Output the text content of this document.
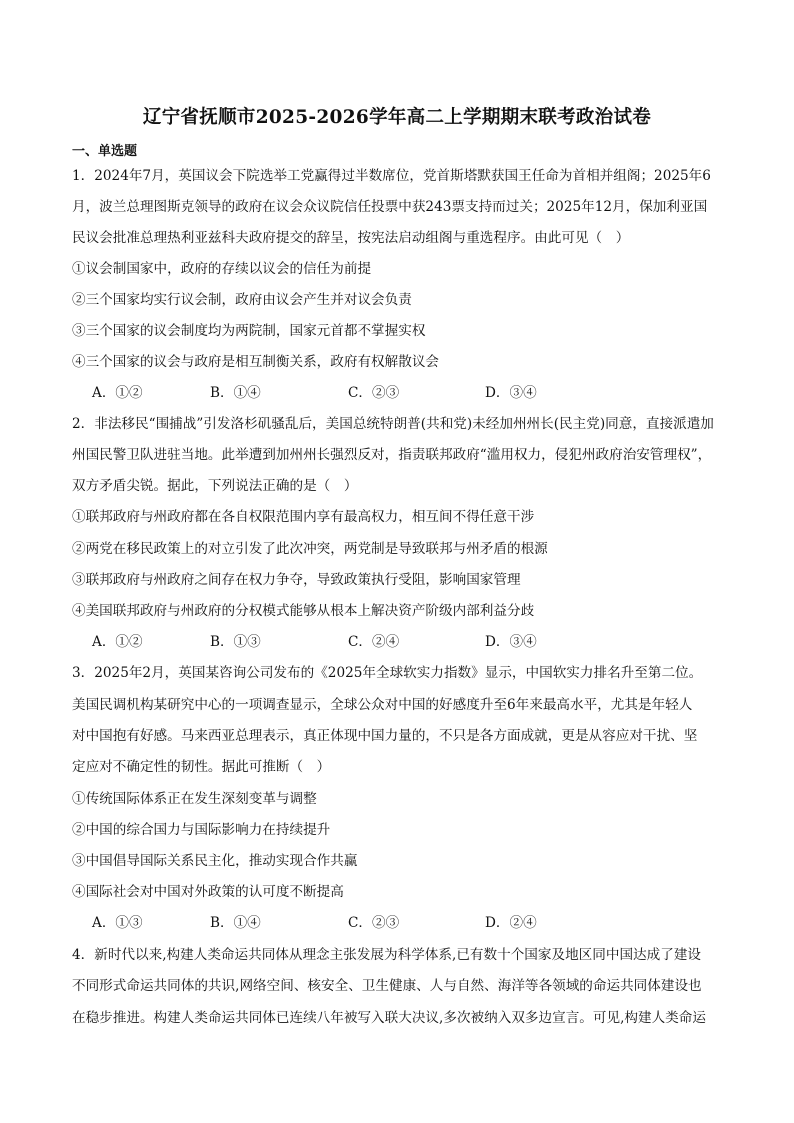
辽宁省抚顺市2025-2026学年高二上学期期末联考政治试卷
一、单选题
1．2024年7月，英国议会下院选举工党赢得过半数席位，党首斯塔默获国王任命为首相并组阁；2025年6
月，波兰总理图斯克领导的政府在议会众议院信任投票中获243票支持而过关；2025年12月，保加利亚国
民议会批准总理热利亚兹科夫政府提交的辞呈，按宪法启动组阁与重选程序。由此可见（　）
①议会制国家中，政府的存续以议会的信任为前提
②三个国家均实行议会制，政府由议会产生并对议会负责
③三个国家的议会制度均为两院制，国家元首都不掌握实权
④三个国家的议会与政府是相互制衡关系，政府有权解散议会
A．①②	B．①④	C．②③	D．③④
2．非法移民“围捕战”引发洛杉矶骚乱后，美国总统特朗普(共和党)未经加州州长(民主党)同意，直接派遣加
州国民警卫队进驻当地。此举遭到加州州长强烈反对，指责联邦政府“滥用权力，侵犯州政府治安管理权”，
双方矛盾尖锐。据此，下列说法正确的是（　）
①联邦政府与州政府都在各自权限范围内享有最高权力，相互间不得任意干涉
②两党在移民政策上的对立引发了此次冲突，两党制是导致联邦与州矛盾的根源
③联邦政府与州政府之间存在权力争夺，导致政策执行受阻，影响国家管理
④美国联邦政府与州政府的分权模式能够从根本上解决资产阶级内部利益分歧
A．①②	B．①③	C．②④	D．③④
3．2025年2月，英国某咨询公司发布的《2025年全球软实力指数》显示，中国软实力排名升至第二位。
美国民调机构某研究中心的一项调查显示，全球公众对中国的好感度升至6年来最高水平，尤其是年轻人
对中国抱有好感。马来西亚总理表示，真正体现中国力量的，不只是各方面成就，更是从容应对干扰、坚
定应对不确定性的韧性。据此可推断（　）
①传统国际体系正在发生深刻变革与调整
②中国的综合国力与国际影响力在持续提升
③中国倡导国际关系民主化，推动实现合作共赢
④国际社会对中国对外政策的认可度不断提高
A．①③	B．①④	C．②③	D．②④
4．新时代以来,构建人类命运共同体从理念主张发展为科学体系,已有数十个国家及地区同中国达成了建设
不同形式命运共同体的共识,网络空间、核安全、卫生健康、人与自然、海洋等各领域的命运共同体建设也
在稳步推进。构建人类命运共同体已连续八年被写入联大决议,多次被纳入双多边宣言。可见,构建人类命运
